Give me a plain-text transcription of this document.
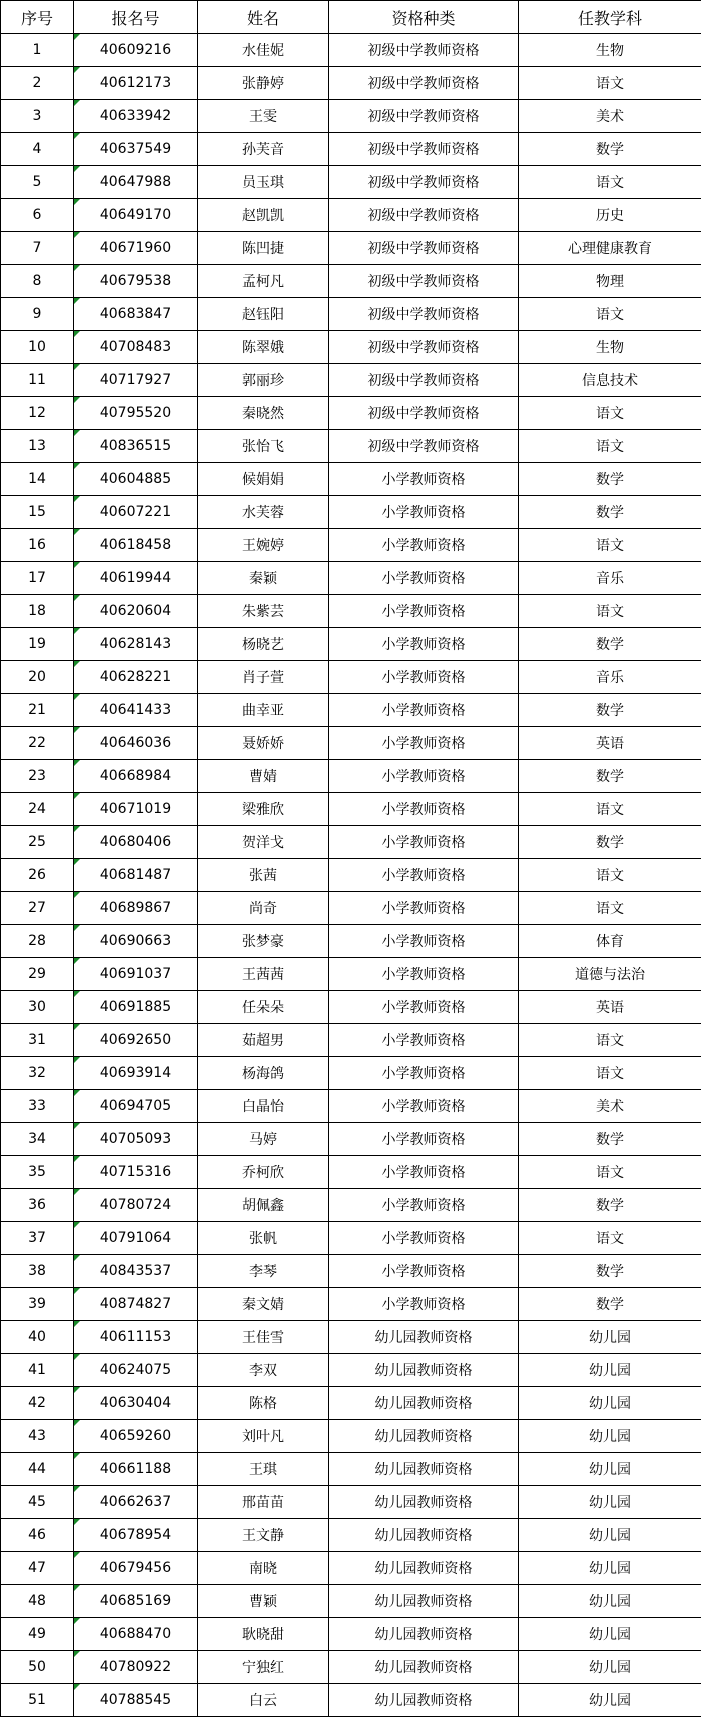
序号	报名号	姓名	资格种类	任教学科
1	40609216	水佳妮	初级中学教师资格	生物
2	40612173	张静婷	初级中学教师资格	语文
3	40633942	王雯	初级中学教师资格	美术
4	40637549	孙芙音	初级中学教师资格	数学
5	40647988	员玉琪	初级中学教师资格	语文
6	40649170	赵凯凯	初级中学教师资格	历史
7	40671960	陈凹捷	初级中学教师资格	心理健康教育
8	40679538	孟柯凡	初级中学教师资格	物理
9	40683847	赵钰阳	初级中学教师资格	语文
10	40708483	陈翠娥	初级中学教师资格	生物
11	40717927	郭丽珍	初级中学教师资格	信息技术
12	40795520	秦晓然	初级中学教师资格	语文
13	40836515	张怡飞	初级中学教师资格	语文
14	40604885	候娟娟	小学教师资格	数学
15	40607221	水芙蓉	小学教师资格	数学
16	40618458	王婉婷	小学教师资格	语文
17	40619944	秦颖	小学教师资格	音乐
18	40620604	朱紫芸	小学教师资格	语文
19	40628143	杨晓艺	小学教师资格	数学
20	40628221	肖子萱	小学教师资格	音乐
21	40641433	曲幸亚	小学教师资格	数学
22	40646036	聂娇娇	小学教师资格	英语
23	40668984	曹婧	小学教师资格	数学
24	40671019	梁雅欣	小学教师资格	语文
25	40680406	贺洋戈	小学教师资格	数学
26	40681487	张茜	小学教师资格	语文
27	40689867	尚奇	小学教师资格	语文
28	40690663	张梦豪	小学教师资格	体育
29	40691037	王茜茜	小学教师资格	道德与法治
30	40691885	任朵朵	小学教师资格	英语
31	40692650	茹超男	小学教师资格	语文
32	40693914	杨海鸽	小学教师资格	语文
33	40694705	白晶怡	小学教师资格	美术
34	40705093	马婷	小学教师资格	数学
35	40715316	乔柯欣	小学教师资格	语文
36	40780724	胡佩鑫	小学教师资格	数学
37	40791064	张帆	小学教师资格	语文
38	40843537	李琴	小学教师资格	数学
39	40874827	秦文婧	小学教师资格	数学
40	40611153	王佳雪	幼儿园教师资格	幼儿园
41	40624075	李双	幼儿园教师资格	幼儿园
42	40630404	陈格	幼儿园教师资格	幼儿园
43	40659260	刘叶凡	幼儿园教师资格	幼儿园
44	40661188	王琪	幼儿园教师资格	幼儿园
45	40662637	邢苗苗	幼儿园教师资格	幼儿园
46	40678954	王文静	幼儿园教师资格	幼儿园
47	40679456	南晓	幼儿园教师资格	幼儿园
48	40685169	曹颖	幼儿园教师资格	幼儿园
49	40688470	耿晓甜	幼儿园教师资格	幼儿园
50	40780922	宁独红	幼儿园教师资格	幼儿园
51	40788545	白云	幼儿园教师资格	幼儿园
